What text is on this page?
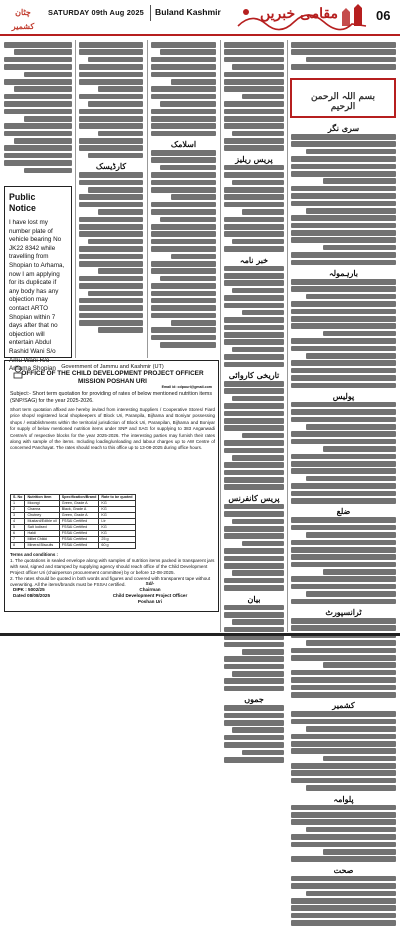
چٹان کشمیر
SATURDAY 09th Aug 2025 Buland Kashmir	مقامی خبریں	06
Public
Notice
I have lost my number plate of vehicle bearing No JK22 8342 while travelling from Shopian to Arhama, now I am applying for its duplicate if any body has any objection may contact ARTO Shopian within 7 days after that no objection will entertain Abdul Rashid Wani S/o Amu Wani R/o Arhama Shopian
کارڈیسک
اسلامک
Government of Jammu and Kashmir (UT)
OFFICE OF THE CHILD DEVELOPMENT PROJECT OFFICER
MISSION POSHAN URI
Email id: cdpouri@gmail.com
Subject:- Short term quotation for providing of rates of below mentioned nutrition items (SNP/SAG) for the year 2025-2026.
Short term quotation affixed are hereby invited from interesting Suppliers / Cooperative Stores/ Fiard price shops/ registered local shopkeepers of Block Uri, Paranpila, Bijhama and Boniyar possessing shops / establishments within the territorial jurisdiction of Block Uri, Paranpilan, Bijhama and Boniyar for supply of below mentioned nutrition items under SNP and SAG for supplying to 383 Anganwadi Centre/s of respective blocks for the year 2025-2026. The interesting parties may furnish their rates along with sample of the items. Including loading/unloading and labour charges up to AW Centre of concerned Panchayat. The rates should reach to this office up to 13-08-2025 during office hours.
S. No	Nutrition Item	Specification/Brand	Rate to be quoted
1	Moongi	Green, Grade A	KG
2	Channa	Black, Grade A	KG
3	Chutney	Green, Grade A	KG
4	Mustard/Edible oil	FSSAI Certified	Ltr
5	Salt Iodised	FSSAI Certified	KG
6	Haldi	FSSAI Certified	KG
7	Millet Chikki	FSSAI Certified	25 g
8	Mineral Biscuits	FSSAI Certified	60 g
Terms and conditions :
1. The quotations in sealed envelope along with samples of nutrition items packed in transparent jars with seal, signed and stamped by supplying agency should reach office of the Child Development Project officer Uri (chairperson procurement committee) by or before 12-08-2025.
2. The rates should be quoted in both words and figures and covered with transparent tape without overwriting. All the items/brands must be FSSAI certified.
DIPK : 5002/25
Dated 08/08/2025
Sd/-
Chairman
Child Development Project Officer
Poshan Uri
پریس ریلیز
خبر نامہ
تاریخی کاروائی
پریس کانفرنس
بیان
جموں
بسم اللہ الرحمن الرحیم
سری نگر
بارہمولہ
پولیس
ضلع
ٹرانسپورٹ
کشمیر
پلوامہ
صحت
